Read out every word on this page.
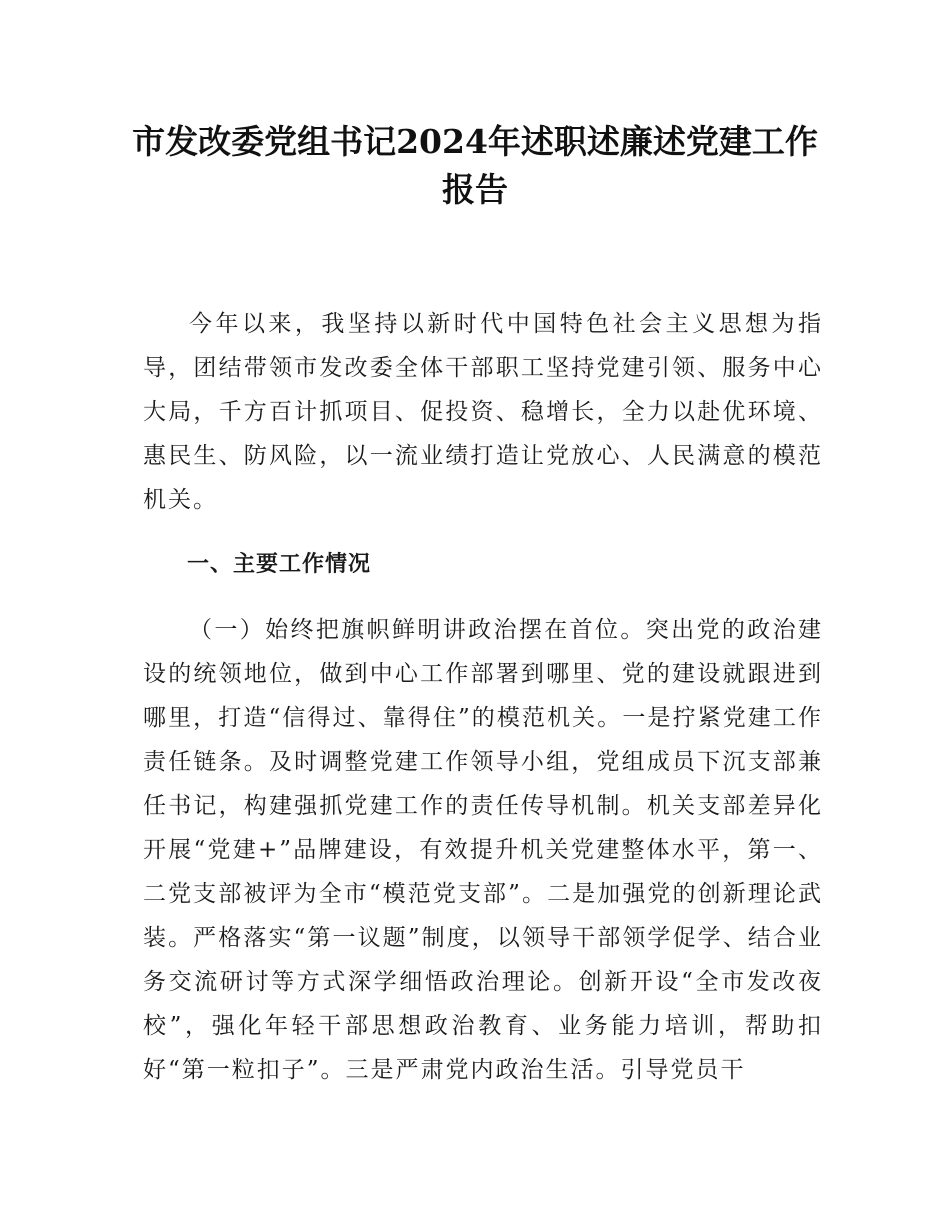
市发改委党组书记2024年述职述廉述党建工作报告

今年以来，我坚持以新时代中国特色社会主义思想为指导，团结带领市发改委全体干部职工坚持党建引领、服务中心大局，千方百计抓项目、促投资、稳增长，全力以赴优环境、惠民生、防风险，以一流业绩打造让党放心、人民满意的模范机关。

一、主要工作情况

（一）始终把旗帜鲜明讲政治摆在首位。突出党的政治建设的统领地位，做到中心工作部署到哪里、党的建设就跟进到哪里，打造“信得过、靠得住”的模范机关。一是拧紧党建工作责任链条。及时调整党建工作领导小组，党组成员下沉支部兼任书记，构建强抓党建工作的责任传导机制。机关支部差异化开展“党建+”品牌建设，有效提升机关党建整体水平，第一、二党支部被评为全市“模范党支部”。二是加强党的创新理论武装。严格落实“第一议题”制度，以领导干部领学促学、结合业务交流研讨等方式深学细悟政治理论。创新开设“全市发改夜校”，强化年轻干部思想政治教育、业务能力培训，帮助扣好“第一粒扣子”。三是严肃党内政治生活。引导党员干
